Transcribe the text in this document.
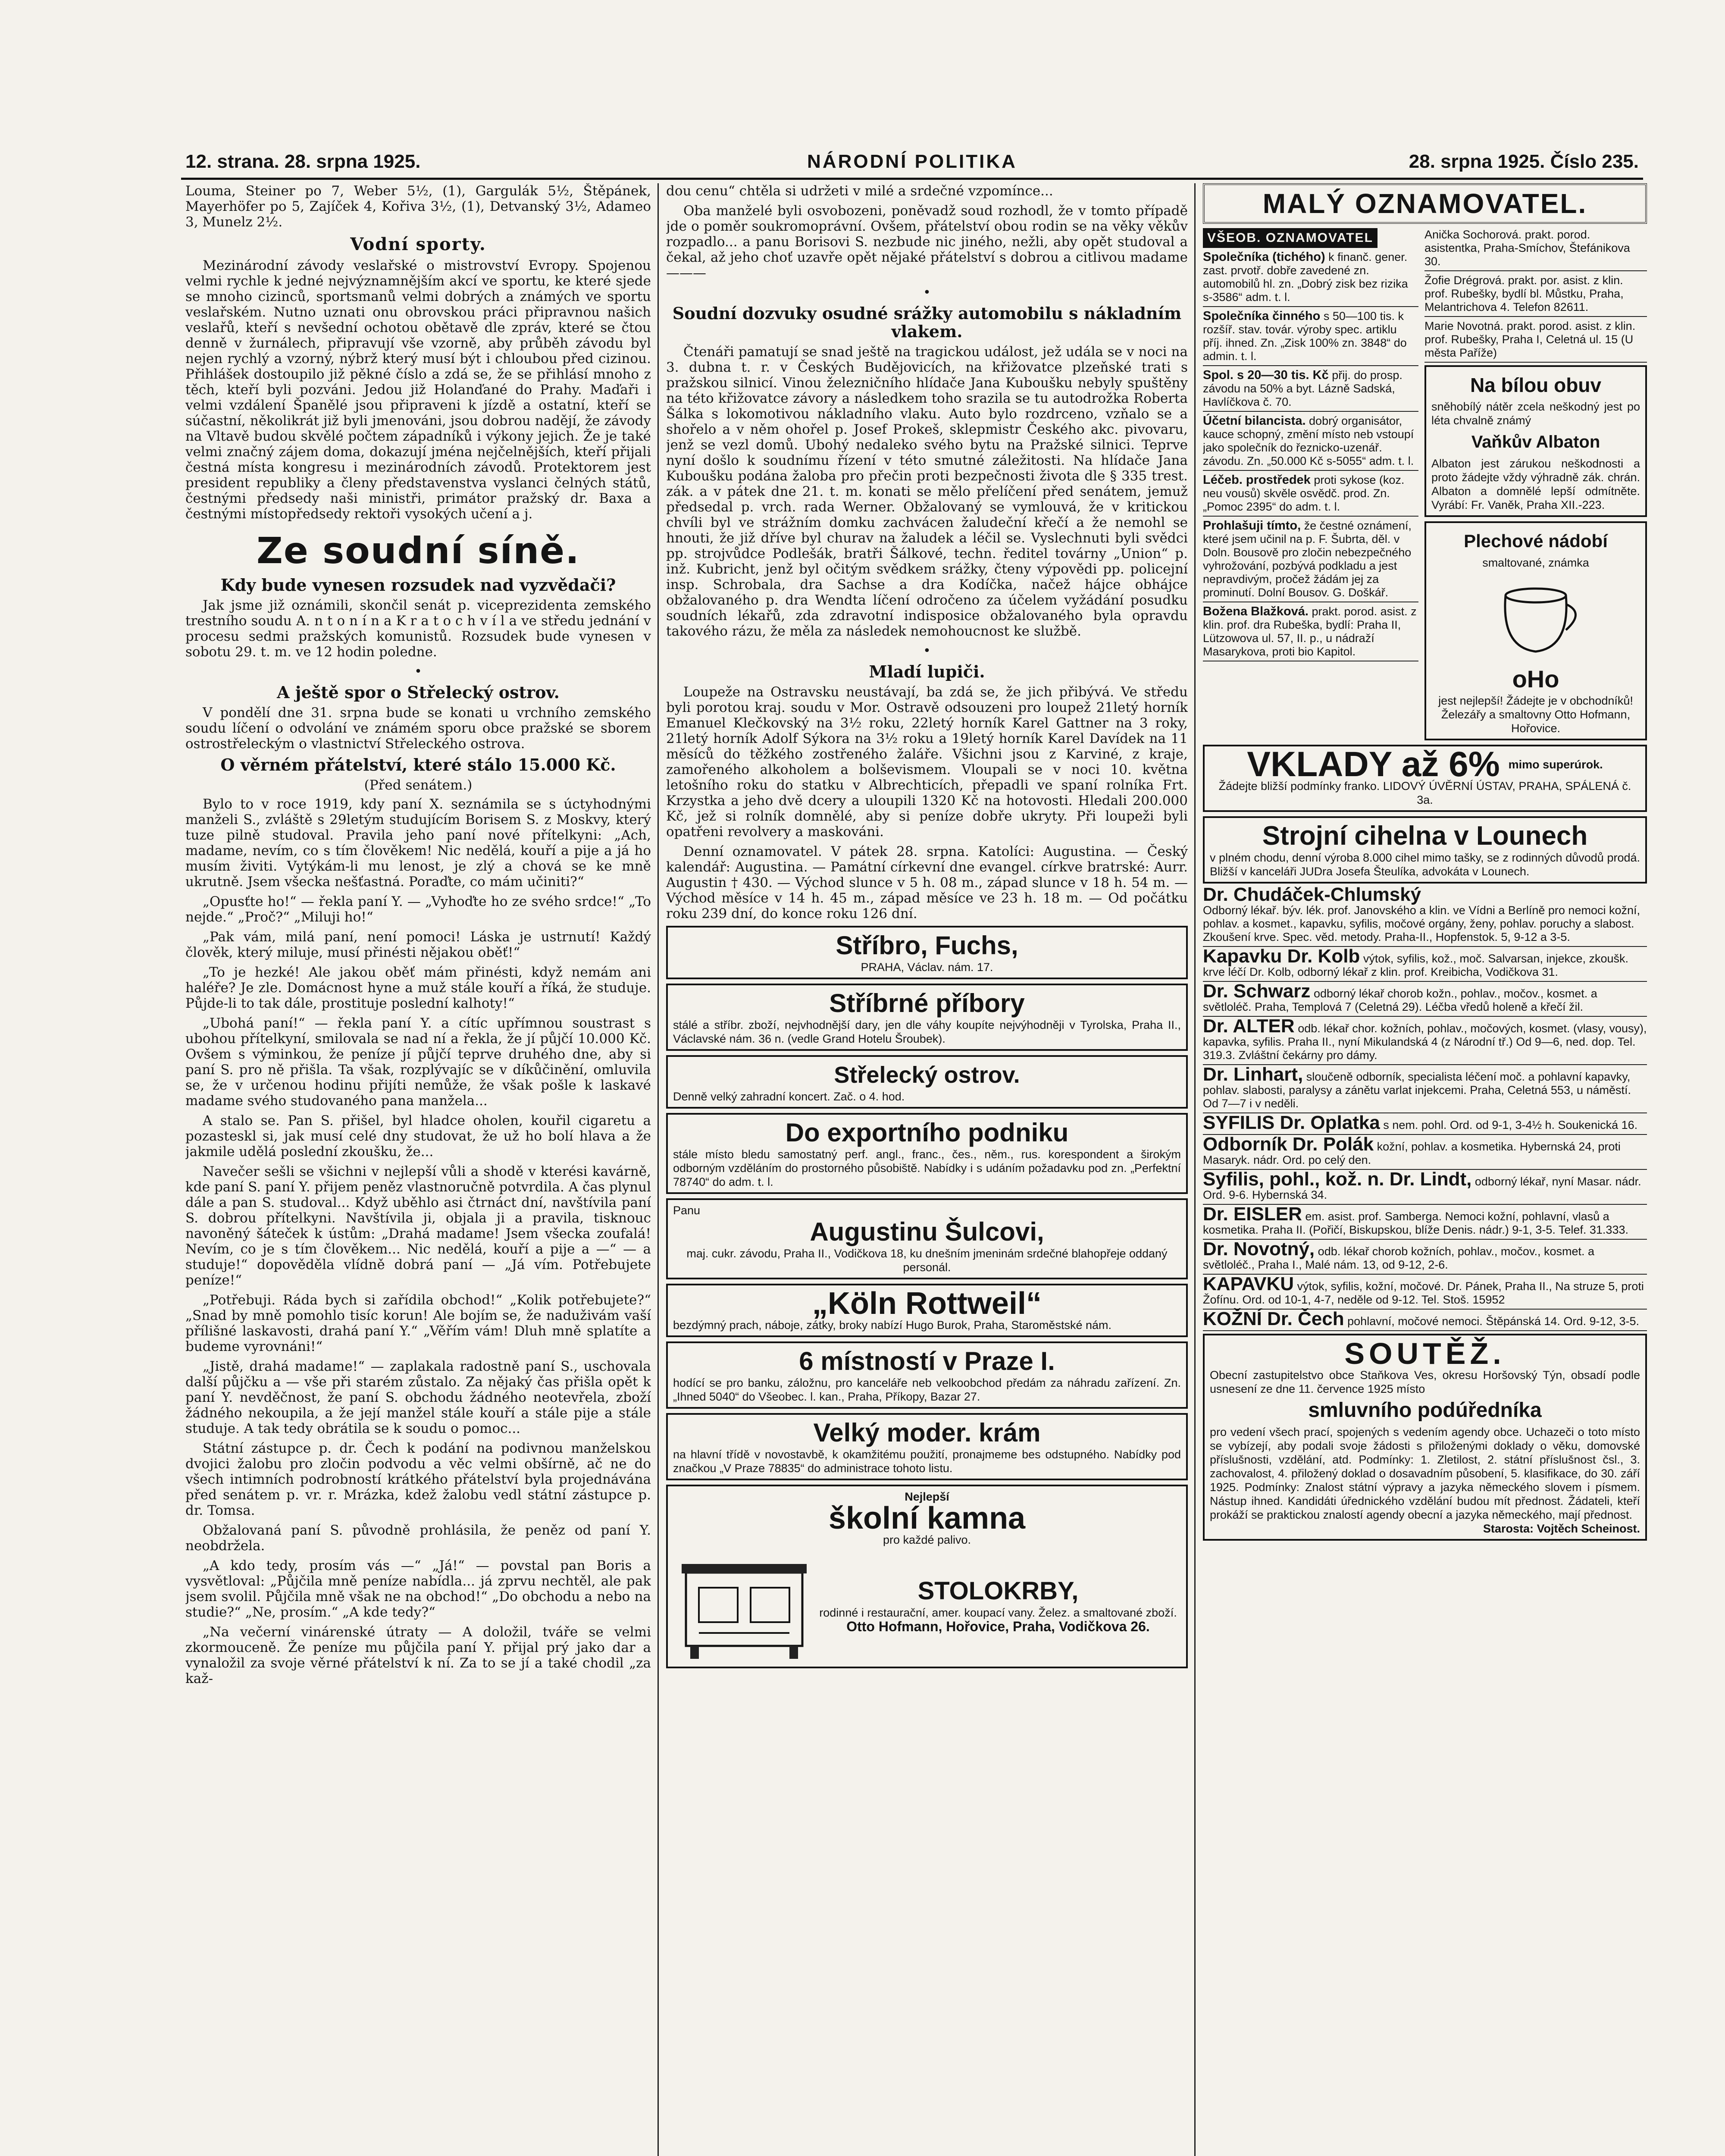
12. strana. 28. srpna 1925.	NÁRODNÍ POLITIKA	28. srpna 1925. Číslo 235.

Louma, Steiner po 7, Weber 5½, (1), Gargulák 5½, Štěpánek, Mayerhöfer po 5, Zajíček 4, Kořiva 3½, (1), Detvanský 3½, Adameo 3, Munelz 2½.

Vodní sporty.

Mezinárodní závody veslařské o mistrovství Evropy. Spojenou velmi rychle k jedné nejvýznamnějším akcí ve sportu, ke které sjede se mnoho cizinců, sportsmanů velmi dobrých a známých ve sportu veslařském. Nutno uznati onu obrovskou práci připravnou našich veslařů, kteří s nevšední ochotou obětavě dle zpráv, které se čtou denně v žurnálech, připravují vše vzorně, aby průběh závodu byl nejen rychlý a vzorný, nýbrž který musí být i chloubou před cizinou. Přihlášek dostoupilo již pěkné číslo a zdá se, že se přihlásí mnoho z těch, kteří byli pozváni. Jedou již Holanďané do Prahy. Maďaři i velmi vzdálení Španělé jsou připraveni k jízdě a ostatní, kteří se súčastní, několikrát již byli jmenováni, jsou dobrou nadějí, že závody na Vltavě budou skvělé počtem západníků i výkony jejich. Že je také velmi značný zájem doma, dokazují jména nejčelnějších, kteří přijali čestná místa kongresu i mezinárodních závodů. Protektorem jest president republiky a členy představenstva vyslanci čelných států, čestnými předsedy naši ministři, primátor pražský dr. Baxa a čestnými místopředsedy rektoři vysokých učení a j.

Ze soudní síně.
Kdy bude vynesen rozsudek nad vyzvědači?

Jak jsme již oznámili, skončil senát p. viceprezidenta zemského trestního soudu A. n t o n í n a K r a t o c h v í l a ve středu jednání v procesu sedmi pražských komunistů. Rozsudek bude vynesen v sobotu 29. t. m. ve 12 hodin poledne.

•
A ještě spor o Střelecký ostrov.

V pondělí dne 31. srpna bude se konati u vrchního zemského soudu líčení o odvolání ve známém sporu obce pražské se sborem ostrostřeleckým o vlastnictví Střeleckého ostrova.

O věrném přátelství, které stálo 15.000 Kč.
(Před senátem.)

Bylo to v roce 1919, kdy paní X. seznámila se s úctyhodnými manželi S., zvláště s 29letým studujícím Borisem S. z Moskvy, který tuze pilně studoval. Pravila jeho paní nové přítelkyni: „Ach, madame, nevím, co s tím člověkem! Nic nedělá, kouří a pije a já ho musím živiti. Vytýkám-li mu lenost, je zlý a chová se ke mně ukrutně. Jsem všecka nešťastná. Poraďte, co mám učiniti?“

„Opusťte ho!“ — řekla paní Y. — „Vyhoďte ho ze svého srdce!“ „To nejde.“ „Proč?“ „Miluji ho!“

„Pak vám, milá paní, není pomoci! Láska je ustrnutí! Každý člověk, který miluje, musí přinésti nějakou oběť!“

„To je hezké! Ale jakou oběť mám přinésti, když nemám ani haléře? Je zle. Domácnost hyne a muž stále kouří a říká, že studuje. Půjde-li to tak dále, prostituje poslední kalhoty!“

„Ubohá paní!“ — řekla paní Y. a cítíc upřímnou soustrast s ubohou přítelkyní, smilovala se nad ní a řekla, že jí půjčí 10.000 Kč. Ovšem s výminkou, že peníze jí půjčí teprve druhého dne, aby si paní S. pro ně přišla. Ta však, rozplývajíc se v díkůčinění, omluvila se, že v určenou hodinu přijíti nemůže, že však pošle k laskavé madame svého studovaného pana manžela...

A stalo se. Pan S. přišel, byl hladce oholen, kouřil cigaretu a pozasteskl si, jak musí celé dny studovat, že už ho bolí hlava a že jakmile udělá poslední zkoušku, že...

Navečer sešli se všichni v nejlepší vůli a shodě v kterési kavárně, kde paní S. paní Y. přijem peněz vlastnoručně potvrdila. A čas plynul dále a pan S. studoval... Když uběhlo asi čtrnáct dní, navštívila paní S. dobrou přítelkyni. Navštívila ji, objala ji a pravila, tisknouc navoněný šáteček k ústům: „Drahá madame! Jsem všecka zoufalá! Nevím, co je s tím člověkem... Nic nedělá, kouří a pije a —“ — a studuje!“ dopověděla vlídně dobrá paní — „Já vím. Potřebujete peníze!“

„Potřebuji. Ráda bych si zařídila obchod!“ „Kolik potřebujete?“ „Snad by mně pomohlo tisíc korun! Ale bojím se, že naduživám vaší přílišné laskavosti, drahá paní Y.“ „Věřím vám! Dluh mně splatíte a budeme vyrovnáni!“

„Jistě, drahá madame!“ — zaplakala radostně paní S., uschovala další půjčku a — vše při starém zůstalo. Za nějaký čas přišla opět k paní Y. nevděčnost, že paní S. obchodu žádného neotevřela, zboží žádného nekoupila, a že její manžel stále kouří a stále pije a stále studuje. A tak tedy obrátila se k soudu o pomoc...

Státní zástupce p. dr. Čech k podání na podivnou manželskou dvojici žalobu pro zločin podvodu a věc velmi obšírně, ač ne do všech intimních podrobností krátkého přátelství byla projednávána před senátem p. vr. r. Mrázka, kdež žalobu vedl státní zástupce p. dr. Tomsa.

Obžalovaná paní S. původně prohlásila, že peněz od paní Y. neobdržela.

„A kdo tedy, prosím vás —“ „Já!“ — povstal pan Boris a vysvětloval: „Půjčila mně peníze nabídla... já zprvu nechtěl, ale pak jsem svolil. Půjčila mně však ne na obchod!“ „Do obchodu a nebo na studie?“ „Ne, prosím.“ „A kde tedy?“

„Na večerní vinárenské útraty — A doložil, tváře se velmi zkormouceně. Že peníze mu půjčila paní Y. přijal prý jako dar a vynaložil za svoje věrné přátelství k ní. Za to se jí a také chodil „za kaž-

dou cenu“ chtěla si udržeti v milé a srdečné vzpomínce...

Oba manželé byli osvobozeni, poněvadž soud rozhodl, že v tomto případě jde o poměr soukromoprávní. Ovšem, přátelství obou rodin se na věky věkův rozpadlo... a panu Borisovi S. nezbude nic jiného, nežli, aby opět studoval a čekal, až jeho choť uzavře opět nějaké přátelství s dobrou a citlivou madame ———

•
Soudní dozvuky osudné srážky automobilu s nákladním vlakem.

Čtenáři pamatují se snad ještě na tragickou událost, jež udála se v noci na 3. dubna t. r. v Českých Budějovicích, na křižovatce plzeňské trati s pražskou silnicí. Vinou železničního hlídače Jana Kuboušku nebyly spuštěny na této křižovatce závory a následkem toho srazila se tu autodrožka Roberta Šálka s lokomotivou nákladního vlaku. Auto bylo rozdrceno, vzňalo se a shořelo a v něm ohořel p. Josef Prokeš, sklepmistr Českého akc. pivovaru, jenž se vezl domů. Ubohý nedaleko svého bytu na Pražské silnici. Teprve nyní došlo k soudnímu řízení v této smutné záležitosti. Na hlídače Jana Kuboušku podána žaloba pro přečin proti bezpečnosti života dle § 335 trest. zák. a v pátek dne 21. t. m. konati se mělo přelíčení před senátem, jemuž předsedal p. vrch. rada Werner. Obžalovaný se vymlouvá, že v kritickou chvíli byl ve strážním domku zachvácen žaludeční křečí a že nemohl se hnouti, že již dříve byl churav na žaludek a léčil se. Vyslechnuti byli svědci pp. strojvůdce Podlešák, bratři Šálkové, techn. ředitel továrny „Union“ p. inž. Kubricht, jenž byl očitým svědkem srážky, čteny výpovědi pp. policejní insp. Schrobala, dra Sachse a dra Kodíčka, načež hájce obhájce obžalovaného p. dra Wendta líčení odročeno za účelem vyžádání posudku soudních lékařů, zda zdravotní indisposice obžalovaného byla opravdu takového rázu, že měla za následek nemohoucnost ke službě.

•
Mladí lupiči.

Loupeže na Ostravsku neustávají, ba zdá se, že jich přibývá. Ve středu byli porotou kraj. soudu v Mor. Ostravě odsouzeni pro loupež 21letý horník Emanuel Klečkovský na 3½ roku, 22letý horník Karel Gattner na 3 roky, 21letý horník Adolf Sýkora na 3½ roku a 19letý horník Karel Davídek na 11 měsíců do těžkého zostřeného žaláře. Všichni jsou z Karviné, z kraje, zamořeného alkoholem a bolševismem. Vloupali se v noci 10. května letošního roku do statku v Albrechticích, přepadli ve spaní rolníka Frt. Krzystka a jeho dvě dcery a uloupili 1320 Kč na hotovosti. Hledali 200.000 Kč, jež si rolník domnělé, aby si peníze dobře ukryty. Při loupeži byli opatřeni revolvery a maskováni.

Denní oznamovatel. V pátek 28. srpna. Katolíci: Augustina. — Český kalendář: Augustina. — Památní církevní dne evangel. církve bratrské: Aurr. Augustin † 430. — Východ slunce v 5 h. 08 m., západ slunce v 18 h. 54 m. — Východ měsíce v 14 h. 45 m., západ měsíce ve 23 h. 18 m. — Od počátku roku 239 dní, do konce roku 126 dní.

Stříbro, Fuchs,
PRAHA, Václav. nám. 17.
Stříbrné příbory
stálé a stříbr. zboží, nejvhodnější dary, jen dle váhy koupíte nejvýhodněji v Tyrolska, Praha II., Václavské nám. 36 n. (vedle Grand Hotelu Šroubek).
Střelecký ostrov.
Denně velký zahradní koncert. Zač. o 4. hod.
Do exportního podniku
stále místo bledu samostatný perf. angl., franc., čes., něm., rus. korespondent a širokým odborným vzděláním do prostorného působiště. Nabídky i s udáním požadavku pod zn. „Perfektní 78740“ do adm. t. l.
Panu
Augustinu Šulcovi,
maj. cukr. závodu, Praha II., Vodičkova 18, ku dnešním jmeninám srdečné blahopřeje oddaný personál.
„Köln Rottweil“
bezdýmný prach, náboje, zátky, broky nabízí Hugo Burok, Praha, Staroměstské nám.
6 místností v Praze I.
hodící se pro banku, záložnu, pro kanceláře neb velkoobchod předám za náhradu zařízení. Zn. „Ihned 5040“ do Všeobec. l. kan., Praha, Příkopy, Bazar 27.
Velký moder. krám
na hlavní třídě v novostavbě, k okamžitému použití, pronajmeme bes odstupného. Nabídky pod značkou „V Praze 78835“ do administrace tohoto listu.
Nejlepší
školní kamna
pro každé palivo.
STOLOKRBY,
rodinné i restaurační, amer. koupací vany. Želez. a smaltované zboží.
Otto Hofmann, Hořovice, Praha, Vodičkova 26.
MALÝ OZNAMOVATEL.
VŠEOB. OZNAMOVATEL
Společníka (tichého) k finanč. gener. zast. prvotř. dobře zavedené zn. automobilů hl. zn. „Dobrý zisk bez rizika s-3586“ adm. t. l.
Společníka činného s 50—100 tis. k rozšíř. stav. továr. výroby spec. artiklu příj. ihned. Zn. „Zisk 100% zn. 3848“ do admin. t. l.
Spol. s 20—30 tis. Kč přij. do prosp. závodu na 50% a byt. Lázně Sadská, Havlíčkova č. 70.
Účetní bilancista. dobrý organisátor, kauce schopný, změní místo neb vstoupí jako společník do řeznicko-uzenář. závodu. Zn. „50.000 Kč s-5055“ adm. t. l.
Léčeb. prostředek proti sykose (koz. neu vousů) skvěle osvědč. prod. Zn. „Pomoc 2395“ do adm. t. l.
Prohlašuji tímto, že čestné oznámení, které jsem učinil na p. F. Šubrta, děl. v Doln. Bousově pro zločin nebezpečného vyhrožování, pozbývá podkladu a jest nepravdivým, pročež žádám jej za prominutí. Dolní Bousov. G. Doškář.
Božena Blažková. prakt. porod. asist. z klin. prof. dra Rubeška, bydlí: Praha II, Lützowova ul. 57, II. p., u nádraží Masarykova, proti bio Kapitol.
Anička Sochorová. prakt. porod. asistentka, Praha-Smíchov, Štefánikova 30.
Žofie Drégrová. prakt. por. asist. z klin. prof. Rubešky, bydlí bl. Můstku, Praha, Melantrichova 4. Telefon 82611.
Marie Novotná. prakt. porod. asist. z klin. prof. Rubešky, Praha I, Celetná ul. 15 (U města Paříže)
Na bílou obuv
sněhobílý nátěr zcela neškodný jest po léta chvalně známý
Vaňkův Albaton
Albaton jest zárukou neškodnosti a proto žádejte vždy výhradně zák. chrán. Albaton a domnělé lepší odmítněte. Vyrábí: Fr. Vaněk, Praha XII.-223.
Plechové nádobí
smaltované, známka
oHo
jest nejlepší! Žádejte je v obchodníků! Železářy a smaltovny Otto Hofmann, Hořovice.
VKLADY až 6% mimo superúrok.
Žádejte bližší podmínky franko. LIDOVÝ ÚVĚRNÍ ÚSTAV, PRAHA, SPÁLENÁ č. 3a.
Strojní cihelna v Lounech
v plném chodu, denní výroba 8.000 cihel mimo tašky, se z rodinných důvodů prodá. Bližší v kanceláři JUDra Josefa Šteulíka, advokáta v Lounech.
Dr. Chudáček-Chlumský
Odborný lékař. býv. lék. prof. Janovského a klin. ve Vídni a Berlíně pro nemoci kožní, pohlav. a kosmet., kapavku, syfilis, močové orgány, ženy, pohlav. poruchy a slabost. Zkoušení krve. Spec. věd. metody. Praha-II., Hopfenstok. 5, 9-12 a 3-5.
Kapavku Dr. Kolb výtok, syfilis, kož., moč. Salvarsan, injekce, zkoušk. krve léčí Dr. Kolb, odborný lékař z klin. prof. Kreibicha, Vodičkova 31.
Dr. Schwarz odborný lékař chorob kožn., pohlav., močov., kosmet. a světloléč. Praha, Templová 7 (Celetná 29). Léčba vředů holeně a křečí žil.
Dr. ALTER odb. lékař chor. kožních, pohlav., močových, kosmet. (vlasy, vousy), kapavka, syfilis. Praha II., nyní Mikulandská 4 (z Národní tř.) Od 9—6, ned. dop. Tel. 319.3. Zvláštní čekárny pro dámy.
Dr. Linhart, sloučeně odborník, specialista léčení moč. a pohlavní kapavky, pohlav. slabosti, paralysy a zánětu varlat injekcemi. Praha, Celetná 553, u náměstí. Od 7—7 i v neděli.
SYFILIS Dr. Oplatka s nem. pohl. Ord. od 9-1, 3-4½ h. Soukenická 16.
Odborník Dr. Polák kožní, pohlav. a kosmetika. Hybernská 24, proti Masaryk. nádr. Ord. po celý den.
Syfilis, pohl., kož. n. Dr. Lindt, odborný lékař, nyní Masar. nádr. Ord. 9-6. Hybernská 34.
Dr. EISLER em. asist. prof. Samberga. Nemoci kožní, pohlavní, vlasů a kosmetika. Praha II. (Pořičí, Biskupskou, blíže Denis. nádr.) 9-1, 3-5. Telef. 31.333.
Dr. Novotný, odb. lékař chorob kožních, pohlav., močov., kosmet. a světloléč., Praha I., Malé nám. 13, od 9-12, 2-6.
KAPAVKU výtok, syfilis, kožní, močové. Dr. Pánek, Praha II., Na struze 5, proti Žofínu. Ord. od 10-1, 4-7, neděle od 9-12. Tel. Stoš. 15952
KOŽNÍ Dr. Čech pohlavní, močové nemoci. Štěpánská 14. Ord. 9-12, 3-5.
SOUTĚŽ.
Obecní zastupitelstvo obce Staňkova Ves, okresu Horšovský Týn, obsadí podle usnesení ze dne 11. července 1925 místo
smluvního podúředníka
pro vedení všech prací, spojených s vedením agendy obce. Uchazeči o toto místo se vybízejí, aby podali svoje žádosti s přiloženými doklady o věku, domovské příslušnosti, vzdělání, atd. Podmínky: 1. Zletilost, 2. státní příslušnost čsl., 3. zachovalost, 4. přiložený doklad o dosavadním působení, 5. klasifikace, do 30. září 1925. Podmínky: Znalost státní výpravy a jazyka německého slovem i písmem. Nástup ihned. Kandidáti úřednického vzdělání budou mít přednost. Žádateli, kteří prokáží se praktickou znalostí agendy obecní a jazyka německého, mají přednost.
Starosta: Vojtěch Scheinost.
